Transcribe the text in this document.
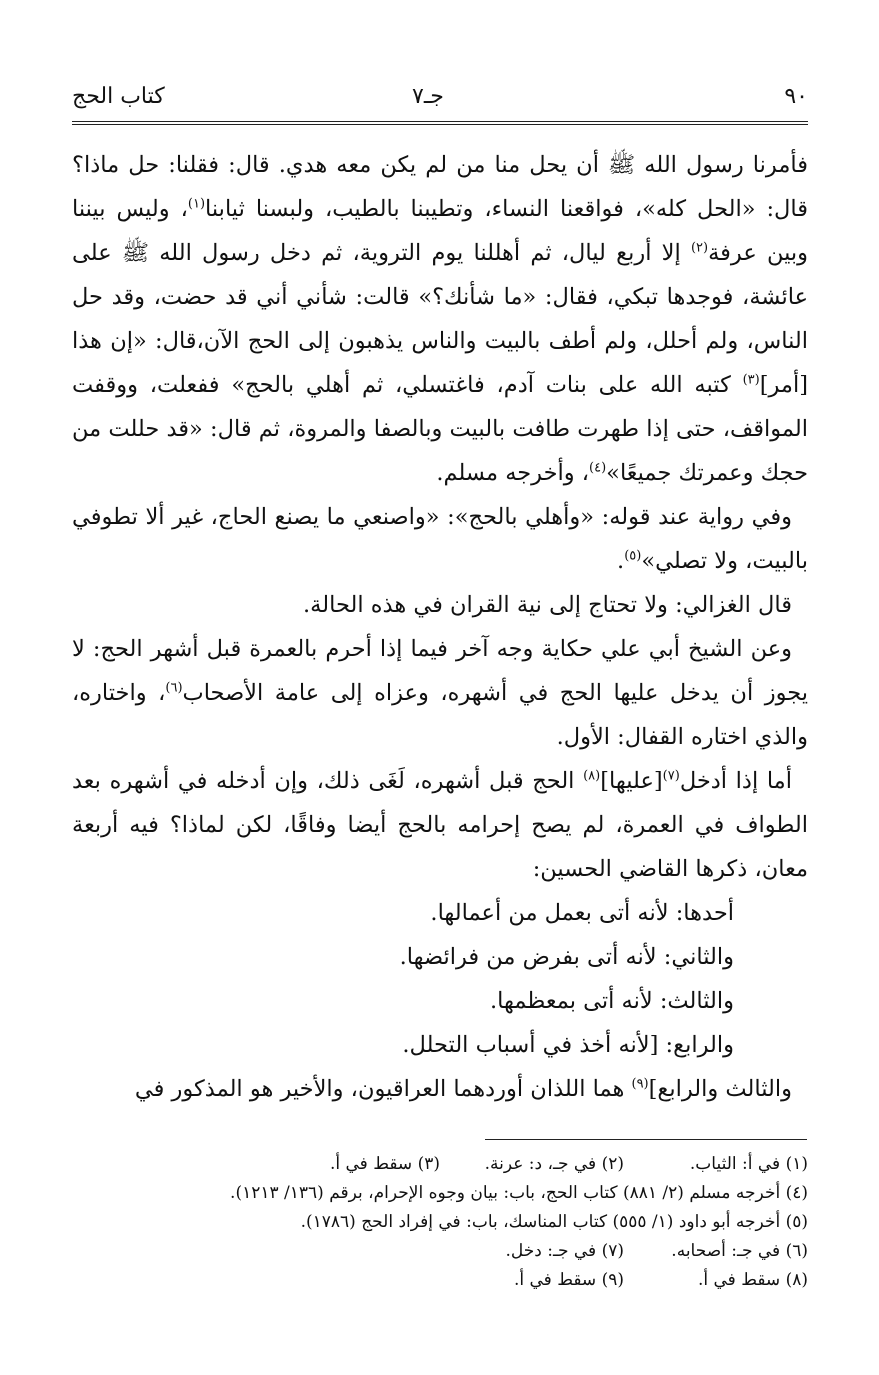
٩٠
جـ٧
كتاب الحج

فأمرنا رسول الله ﷺ أن يحل منا من لم يكن معه هدي. قال: فقلنا: حل ماذا؟ قال: «الحل كله»، فواقعنا النساء، وتطيبنا بالطيب، ولبسنا ثيابنا$^{(١)}$، وليس بيننا وبين عرفة$^{(٢)}$ إلا أربع ليال، ثم أهللنا يوم التروية، ثم دخل رسول الله ﷺ على عائشة، فوجدها تبكي، فقال: «ما شأنك؟» قالت: شأني أني قد حضت، وقد حل الناس، ولم أحلل، ولم أطف بالبيت والناس يذهبون إلى الحج الآن،قال: «إن هذا [أمر]$^{(٣)}$ كتبه الله على بنات آدم، فاغتسلي، ثم أهلي بالحج» ففعلت، ووقفت المواقف، حتى إذا طهرت طافت بالبيت وبالصفا والمروة، ثم قال: «قد حللت من حجك وعمرتك جميعًا»$^{(٤)}$، وأخرجه مسلم.

وفي رواية عند قوله: «وأهلي بالحج»: «واصنعي ما يصنع الحاج، غير ألا تطوفي بالبيت، ولا تصلي»$^{(٥)}$.

قال الغزالي: ولا تحتاج إلى نية القران في هذه الحالة.

وعن الشيخ أبي علي حكاية وجه آخر فيما إذا أحرم بالعمرة قبل أشهر الحج: لا يجوز أن يدخل عليها الحج في أشهره، وعزاه إلى عامة الأصحاب$^{(٦)}$، واختاره، والذي اختاره القفال: الأول.

أما إذا أدخل$^{(٧)}$[عليها]$^{(٨)}$ الحج قبل أشهره، لَغَى ذلك، وإن أدخله في أشهره بعد الطواف في العمرة، لم يصح إحرامه بالحج أيضا وفاقًا، لكن لماذا؟ فيه أربعة معان، ذكرها القاضي الحسين:

أحدها: لأنه أتى بعمل من أعمالها.

والثاني: لأنه أتى بفرض من فرائضها.

والثالث: لأنه أتى بمعظمها.

والرابع: [لأنه أخذ في أسباب التحلل.

والثالث والرابع]$^{(٩)}$ هما اللذان أوردهما العراقيون، والأخير هو المذكور في

(١) في أ: الثياب.(٢) في جـ، د: عرنة.(٣) سقط في أ.
(٤) أخرجه مسلم (٢/ ٨٨١) كتاب الحج، باب: بيان وجوه الإحرام، برقم (١٣٦/ ١٢١٣).
(٥) أخرجه أبو داود (١/ ٥٥٥) كتاب المناسك، باب: في إفراد الحج (١٧٨٦).
(٦) في جـ: أصحابه.(٧) في جـ: دخل.
(٨) سقط في أ.(٩) سقط في أ.
